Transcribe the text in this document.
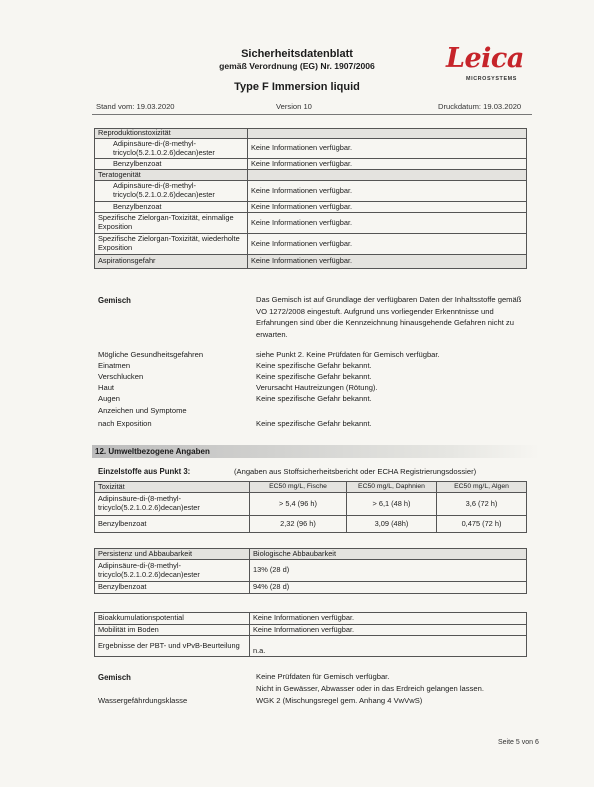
Sicherheitsdatenblatt
gemäß Verordnung (EG) Nr. 1907/2006
Type F Immersion liquid
Leica
MICROSYSTEMS
Stand vom: 19.03.2020	Version 10	Druckdatum: 19.03.2020
Reproduktionstoxizität	
Adipinsäure-di-(8-methyl-tricyclo(5.2.1.0.2.6)decan)ester	Keine Informationen verfügbar.
Benzylbenzoat	Keine Informationen verfügbar.
Teratogenität	
Adipinsäure-di-(8-methyl-tricyclo(5.2.1.0.2.6)decan)ester	Keine Informationen verfügbar.
Benzylbenzoat	Keine Informationen verfügbar.
Spezifische Zielorgan-Toxizität, einmalige Exposition	Keine Informationen verfügbar.
Spezifische Zielorgan-Toxizität, wiederholte Exposition	Keine Informationen verfügbar.
Aspirationsgefahr	Keine Informationen verfügbar.
Gemisch	Das Gemisch ist auf Grundlage der verfügbaren Daten der Inhaltsstoffe gemäß VO 1272/2008 eingestuft. Aufgrund uns vorliegender Erkenntnisse und Erfahrungen sind über die Kennzeichnung hinausgehende Gefahren nicht zu erwarten.
Mögliche Gesundheitsgefahren	siehe Punkt 2. Keine Prüfdaten für Gemisch verfügbar.
Einatmen	Keine spezifische Gefahr bekannt.
Verschlucken	Keine spezifische Gefahr bekannt.
Haut	Verursacht Hautreizungen (Rötung).
Augen	Keine spezifische Gefahr bekannt.
Anzeichen und Symptome
nach Exposition	Keine spezifische Gefahr bekannt.
12. Umweltbezogene Angaben
Einzelstoffe aus Punkt 3:	(Angaben aus Stoffsicherheitsbericht oder ECHA Registrierungsdossier)
Toxizität	EC50 mg/L, Fische	EC50 mg/L, Daphnien	EC50 mg/L, Algen
Adipinsäure-di-(8-methyl-tricyclo(5.2.1.0.2.6)decan)ester	> 5,4 (96 h)	> 6,1 (48 h)	3,6 (72 h)
Benzylbenzoat	2,32 (96 h)	3,09 (48h)	0,475 (72 h)
Persistenz und Abbaubarkeit	Biologische Abbaubarkeit
Adipinsäure-di-(8-methyl-tricyclo(5.2.1.0.2.6)decan)ester	13% (28 d)
Benzylbenzoat	94% (28 d)
Bioakkumulationspotential	Keine Informationen verfügbar.
Mobilität im Boden	Keine Informationen verfügbar.
Ergebnisse der PBT- und vPvB-Beurteilung	n.a.
Gemisch	Keine Prüfdaten für Gemisch verfügbar.
Nicht in Gewässer, Abwasser oder in das Erdreich gelangen lassen.
Wassergefährdungsklasse	WGK 2 (Mischungsregel gem. Anhang 4 VwVwS)
Seite 5 von 6
